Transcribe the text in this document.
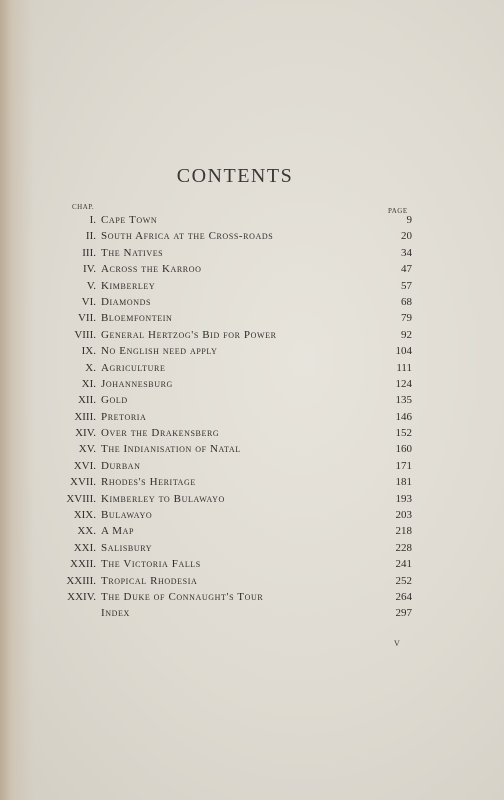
CONTENTS
CHAP.	PAGE
I. Cape Town	9
II. South Africa at the Cross-roads	20
III. The Natives	34
IV. Across the Karroo	47
V. Kimberley	57
VI. Diamonds	68
VII. Bloemfontein	79
VIII. General Hertzog's Bid for Power	92
IX. No English need apply	104
X. Agriculture	111
XI. Johannesburg	124
XII. Gold	135
XIII. Pretoria	146
XIV. Over the Drakensberg	152
XV. The Indianisation of Natal	160
XVI. Durban	171
XVII. Rhodes's Heritage	181
XVIII. Kimberley to Bulawayo	193
XIX. Bulawayo	203
XX. A Map	218
XXI. Salisbury	228
XXII. The Victoria Falls	241
XXIII. Tropical Rhodesia	252
XXIV. The Duke of Connaught's Tour	264
Index	297
v
